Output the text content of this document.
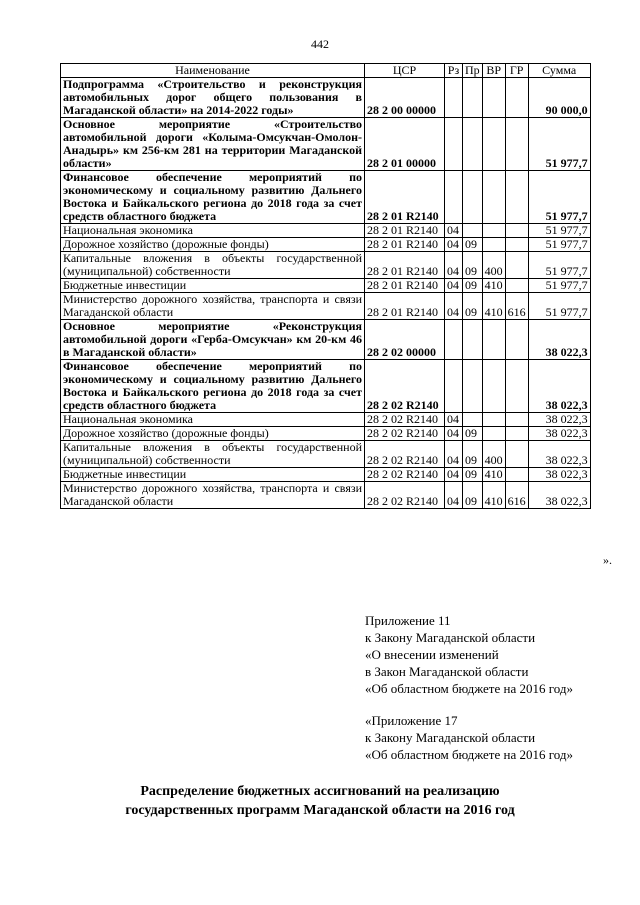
442
Наименование	ЦСР	Рз	Пр	ВР	ГР	Сумма
Подпрограмма «Строительство и реконструкция автомобильных дорог общего пользования в Магаданской области» на 2014-2022 годы»	28 2 00 00000					90 000,0
Основное мероприятие «Строительство автомобильной дороги «Колыма-Омсукчан-Омолон-Анадырь» км 256-км 281 на территории Магаданской области»	28 2 01 00000					51 977,7
Финансовое обеспечение мероприятий по экономическому и социальному развитию Дальнего Востока и Байкальского региона до 2018 года за счет средств областного бюджета	28 2 01 R2140					51 977,7
Национальная экономика	28 2 01 R2140	04				51 977,7
Дорожное хозяйство (дорожные фонды)	28 2 01 R2140	04	09			51 977,7
Капитальные вложения в объекты государственной (муниципальной) собственности	28 2 01 R2140	04	09	400		51 977,7
Бюджетные инвестиции	28 2 01 R2140	04	09	410		51 977,7
Министерство дорожного хозяйства, транспорта и связи Магаданской области	28 2 01 R2140	04	09	410	616	51 977,7
Основное мероприятие «Реконструкция автомобильной дороги «Герба-Омсукчан» км 20-км 46 в Магаданской области»	28 2 02 00000					38 022,3
Финансовое обеспечение мероприятий по экономическому и социальному развитию Дальнего Востока и Байкальского региона до 2018 года за счет средств областного бюджета	28 2 02 R2140					38 022,3
Национальная экономика	28 2 02 R2140	04				38 022,3
Дорожное хозяйство (дорожные фонды)	28 2 02 R2140	04	09			38 022,3
Капитальные вложения в объекты государственной (муниципальной) собственности	28 2 02 R2140	04	09	400		38 022,3
Бюджетные инвестиции	28 2 02 R2140	04	09	410		38 022,3
Министерство дорожного хозяйства, транспорта и связи Магаданской области	28 2 02 R2140	04	09	410	616	38 022,3
».
Приложение 11
к Закону Магаданской области
«О внесении изменений
в Закон Магаданской области
«Об областном бюджете на 2016 год»
«Приложение 17
к Закону Магаданской области
«Об областном бюджете на 2016 год»
Распределение бюджетных ассигнований на реализацию
государственных программ Магаданской области на 2016 год
